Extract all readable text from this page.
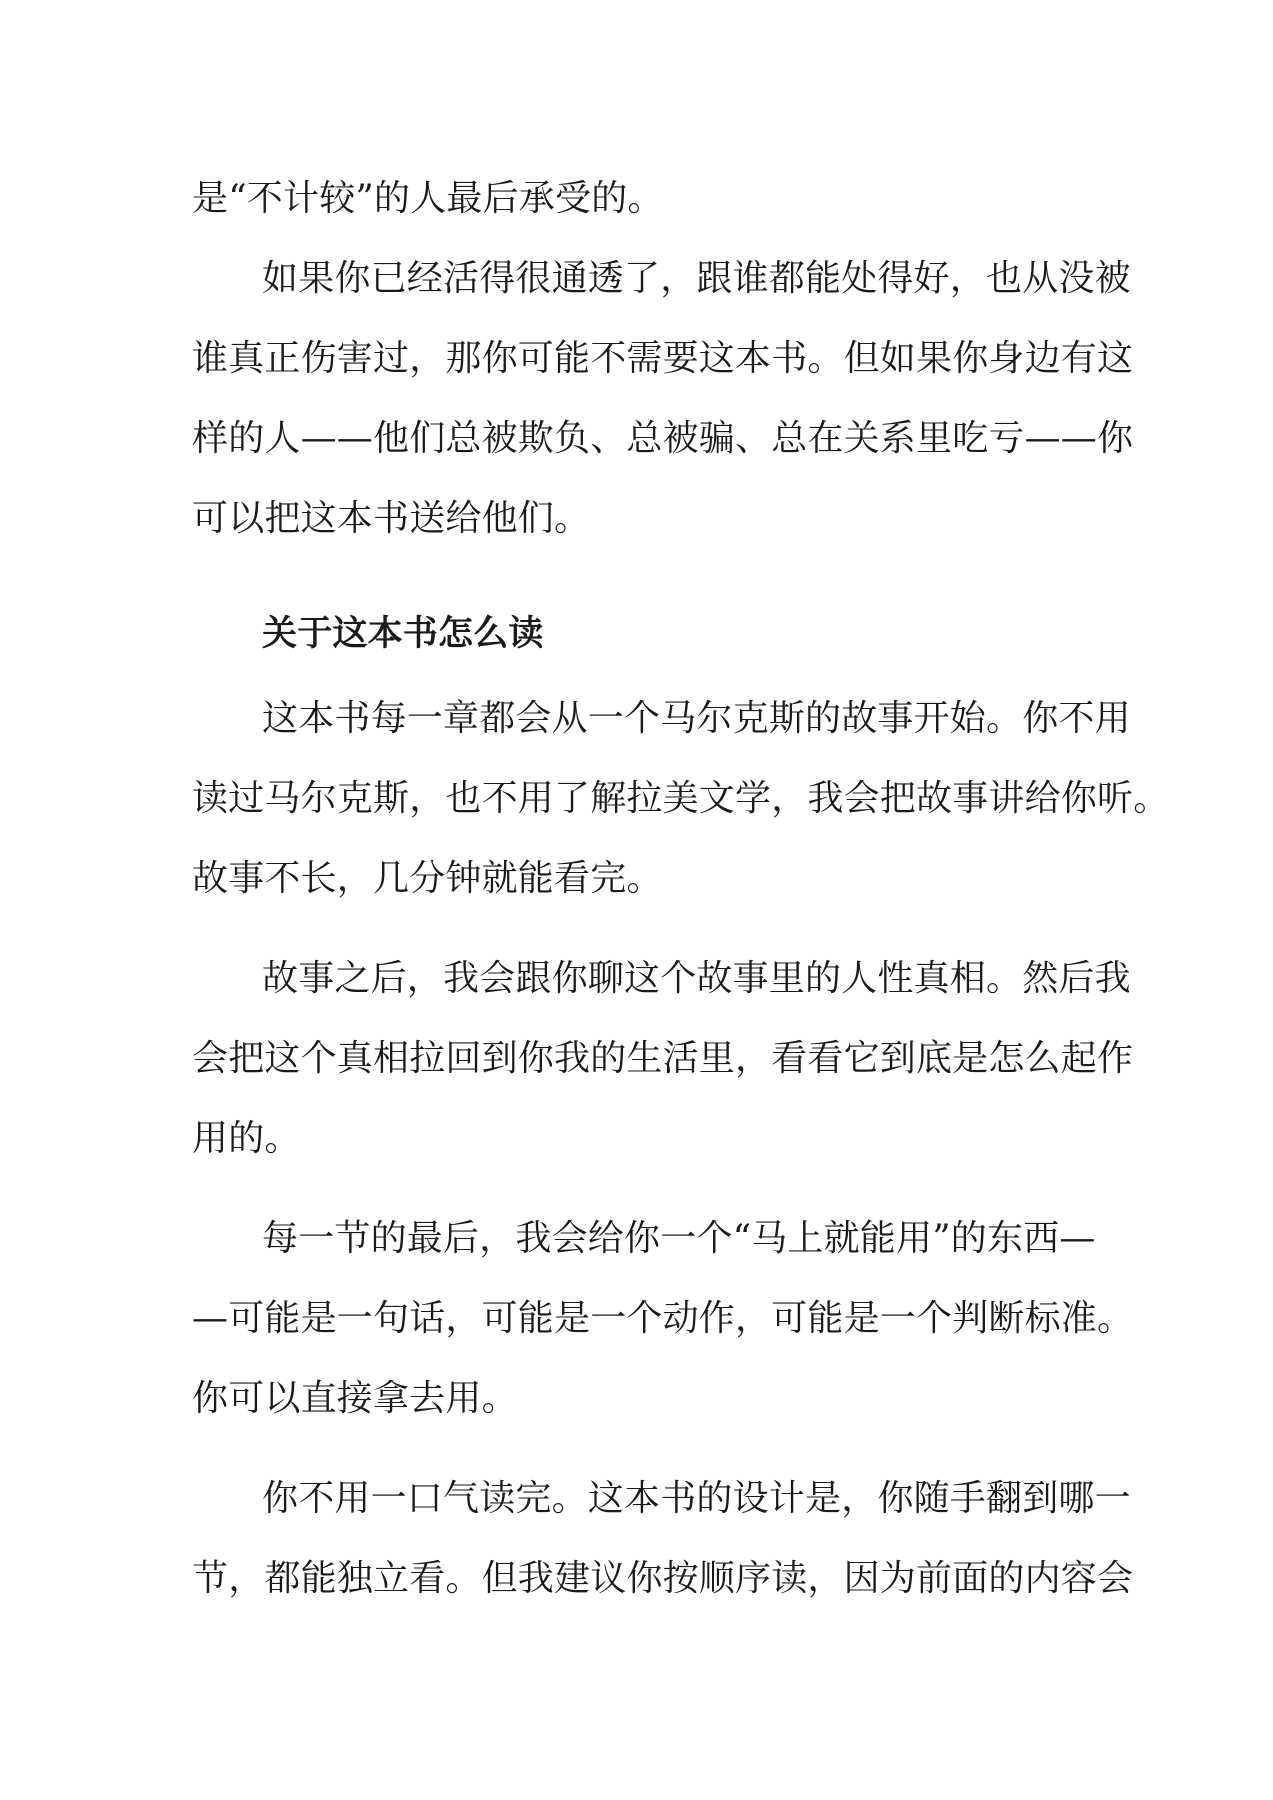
是“不计较”的人最后承受的。
如果你已经活得很通透了，跟谁都能处得好，也从没被
谁真正伤害过，那你可能不需要这本书。但如果你身边有这
样的人——他们总被欺负、总被骗、总在关系里吃亏——你
可以把这本书送给他们。
关于这本书怎么读
这本书每一章都会从一个马尔克斯的故事开始。你不用
读过马尔克斯，也不用了解拉美文学，我会把故事讲给你听。
故事不长，几分钟就能看完。
故事之后，我会跟你聊这个故事里的人性真相。然后我
会把这个真相拉回到你我的生活里，看看它到底是怎么起作
用的。
每一节的最后，我会给你一个“马上就能用”的东西—
—可能是一句话，可能是一个动作，可能是一个判断标准。
你可以直接拿去用。
你不用一口气读完。这本书的设计是，你随手翻到哪一
节，都能独立看。但我建议你按顺序读，因为前面的内容会
